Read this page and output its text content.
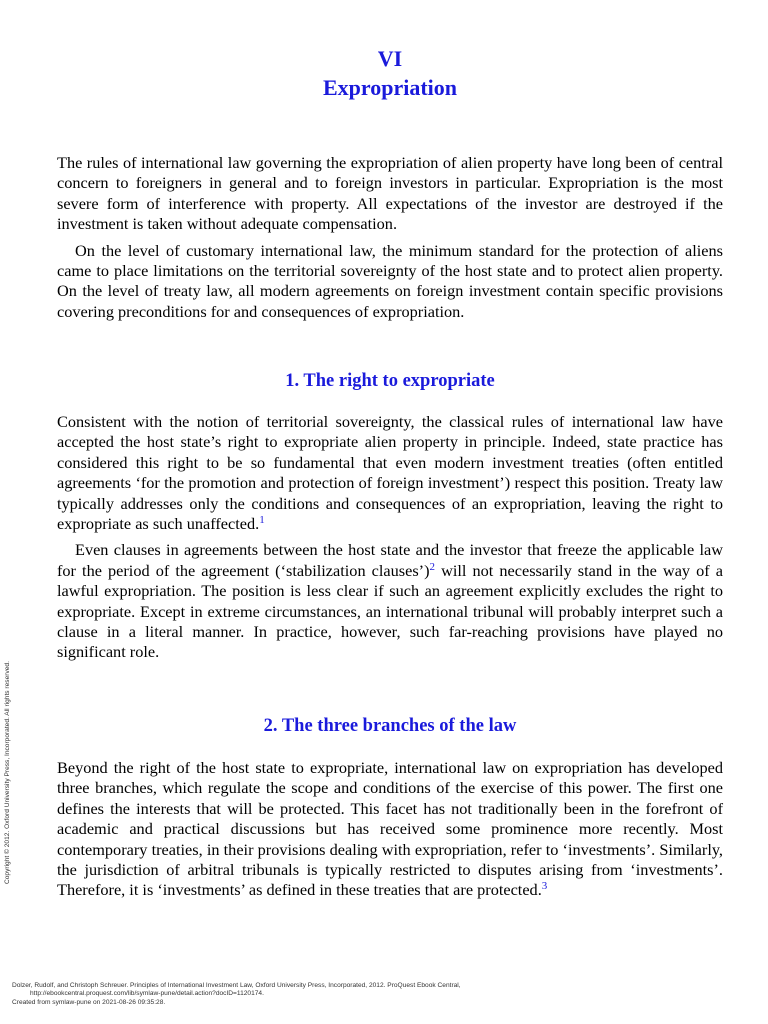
VI
Expropriation

The rules of international law governing the expropriation of alien property have long been of central concern to foreigners in general and to foreign investors in particular. Expropriation is the most severe form of interference with property. All expectations of the investor are destroyed if the investment is taken without adequate compensation.

On the level of customary international law, the minimum standard for the protection of aliens came to place limitations on the territorial sovereignty of the host state and to protect alien property. On the level of treaty law, all modern agreements on foreign investment contain specific provisions covering preconditions for and consequences of expropriation.

1. The right to expropriate

Consistent with the notion of territorial sovereignty, the classical rules of international law have accepted the host state’s right to expropriate alien property in principle. Indeed, state practice has considered this right to be so fundamental that even modern investment treaties (often entitled agreements ‘for the promotion and protection of foreign investment’) respect this position. Treaty law typically addresses only the conditions and consequences of an expropriation, leaving the right to expropriate as such unaffected.$^1$

Even clauses in agreements between the host state and the investor that freeze the applicable law for the period of the agreement (‘stabilization clauses’)$^2$ will not necessarily stand in the way of a lawful expropriation. The position is less clear if such an agreement explicitly excludes the right to expropriate. Except in extreme circumstances, an international tribunal will probably interpret such a clause in a literal manner. In practice, however, such far-reaching provisions have played no significant role.

2. The three branches of the law

Beyond the right of the host state to expropriate, international law on expropriation has developed three branches, which regulate the scope and conditions of the exercise of this power. The first one defines the interests that will be protected. This facet has not traditionally been in the forefront of academic and practical discussions but has received some prominence more recently. Most contemporary treaties, in their provisions dealing with expropriation, refer to ‘investments’. Similarly, the jurisdiction of arbitral tribunals is typically restricted to disputes arising from ‘investments’. Therefore, it is ‘investments’ as defined in these treaties that are protected.$^3$

Copyright © 2012. Oxford University Press, Incorporated. All rights reserved.
Dolzer, Rudolf, and Christoph Schreuer. Principles of International Investment Law, Oxford University Press, Incorporated, 2012. ProQuest Ebook Central,
http://ebookcentral.proquest.com/lib/symlaw-pune/detail.action?docID=1120174.
Created from symlaw-pune on 2021-08-26 09:35:28.
